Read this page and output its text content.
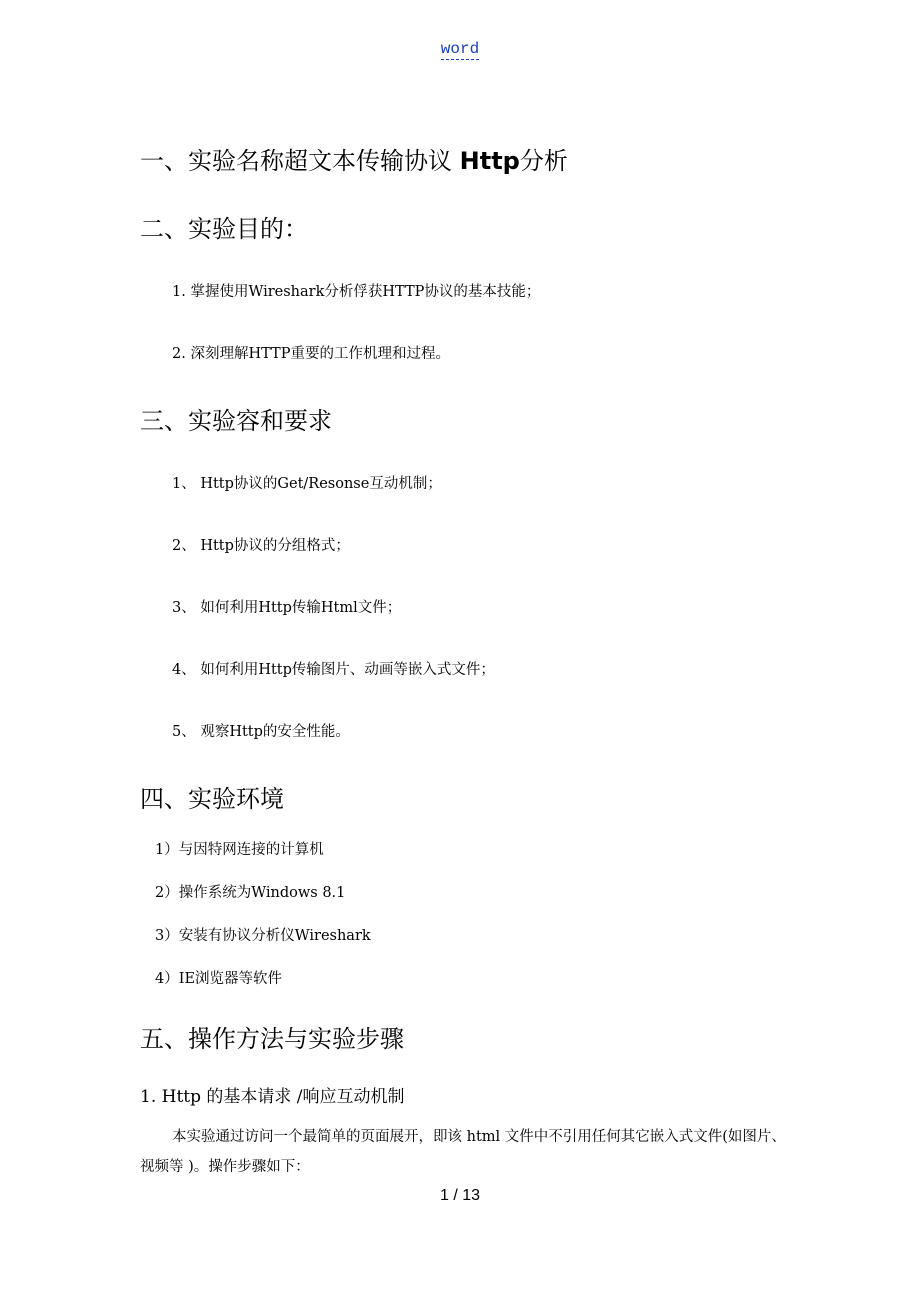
word
一、实验名称超文本传输协议 Http分析
二、实验目的：
1. 掌握使用Wireshark分析俘获HTTP协议的基本技能；
2. 深刻理解HTTP重要的工作机理和过程。
三、实验容和要求
1、 Http协议的Get/Resonse互动机制；
2、 Http协议的分组格式；
3、 如何利用Http传输Html文件；
4、 如何利用Http传输图片、动画等嵌入式文件；
5、 观察Http的安全性能。
四、实验环境
1）与因特网连接的计算机
2）操作系统为Windows 8.1
3）安装有协议分析仪Wireshark
4）IE浏览器等软件
五、操作方法与实验步骤
1. Http 的基本请求 /响应互动机制

本实验通过访问一个最简单的页面展开，即该 html 文件中不引用任何其它嵌入式文件(如图片、视频等 )。操作步骤如下：

1 / 13
